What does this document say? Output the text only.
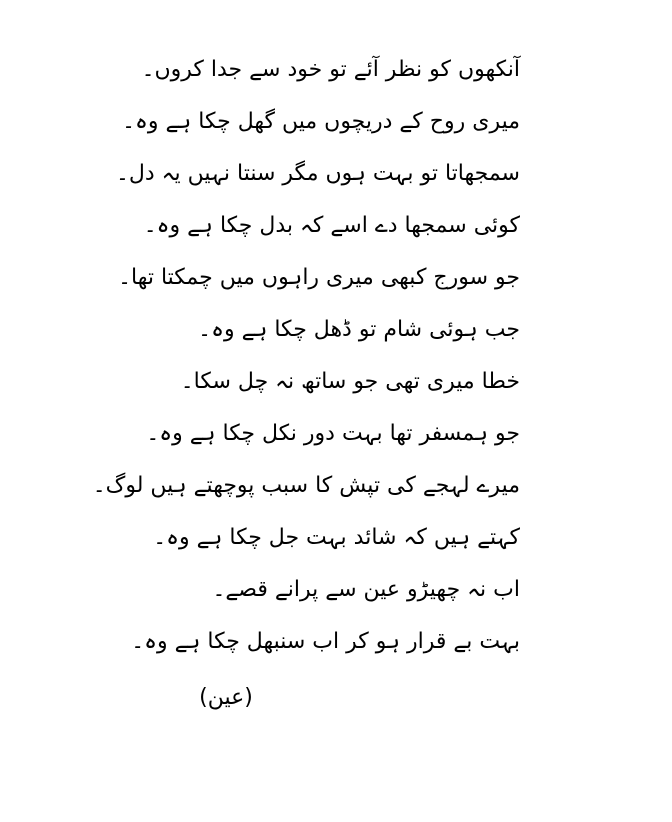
آنکھوں کو نظر آئے تو خود سے جدا کروں۔
میری روح کے دریچوں میں گھل چکا ہے وہ۔
سمجھاتا تو بہت ہوں مگر سنتا نہیں یہ دل۔
کوئی سمجھا دے اسے کہ بدل چکا ہے وہ۔
جو سورج کبھی میری راہوں میں چمکتا تھا۔
جب ہوئی شام تو ڈھل چکا ہے وہ۔
خطا میری تھی جو ساتھ نہ چل سکا۔
جو ہمسفر تھا بہت دور نکل چکا ہے وہ۔
میرے لہجے کی تپش کا سبب پوچھتے ہیں لوگ۔
کہتے ہیں کہ شائد بہت جل چکا ہے وہ۔
اب نہ چھیڑو عین سے پرانے قصے۔
بہت بے قرار ہو کر اب سنبھل چکا ہے وہ۔
(عین)
